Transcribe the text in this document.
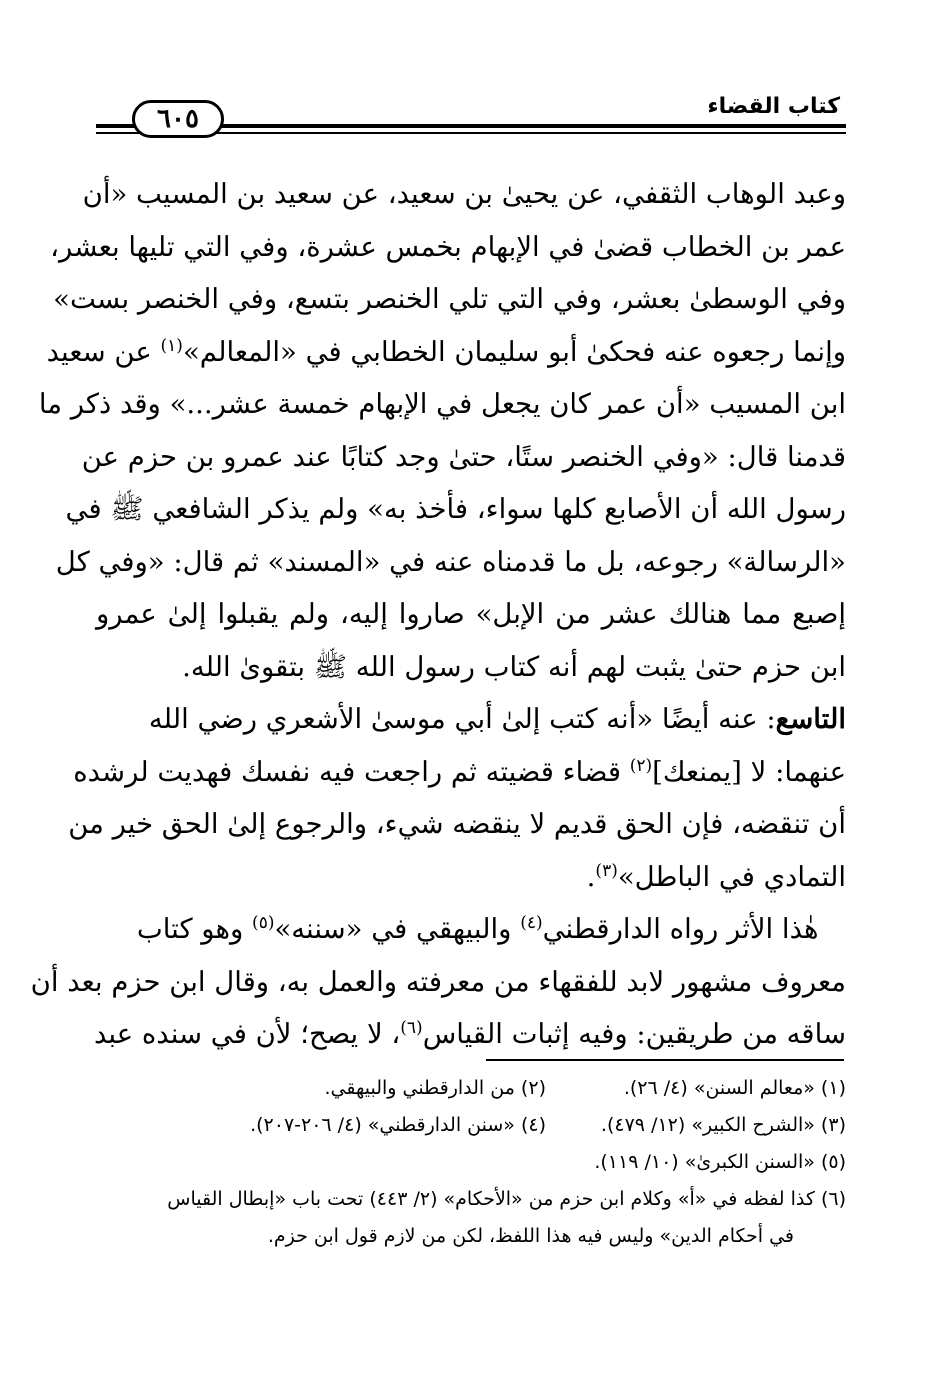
٦٠٥	كتاب القضاء
وعبد الوهاب الثقفي، عن يحيىٰ بن سعيد، عن سعيد بن المسيب «أن
عمر بن الخطاب قضىٰ في الإبهام بخمس عشرة، وفي التي تليها بعشر،
وفي الوسطىٰ بعشر، وفي التي تلي الخنصر بتسع، وفي الخنصر بست»
وإنما رجعوه عنه فحكىٰ أبو سليمان الخطابي في «المعالم»$^{(١)}$ عن سعيد
ابن المسيب «أن عمر كان يجعل في الإبهام خمسة عشر...» وقد ذكر ما
قدمنا قال: «وفي الخنصر ستًا، حتىٰ وجد كتابًا عند عمرو بن حزم عن
رسول الله أن الأصابع كلها سواء، فأخذ به» ولم يذكر الشافعي ﷺ في
«الرسالة» رجوعه، بل ما قدمناه عنه في «المسند» ثم قال: «وفي كل
إصبع مما هنالك عشر من الإبل» صاروا إليه، ولم يقبلوا إلىٰ عمرو
ابن حزم حتىٰ يثبت لهم أنه كتاب رسول الله ﷺ بتقوىٰ الله.
التاسع: عنه أيضًا «أنه كتب إلىٰ أبي موسىٰ الأشعري رضي الله
عنهما: لا [يمنعك]$^{(٢)}$ قضاء قضيته ثم راجعت فيه نفسك فهديت لرشده
أن تنقضه، فإن الحق قديم لا ينقضه شيء، والرجوع إلىٰ الحق خير من
التمادي في الباطل»$^{(٣)}$.
 هٰذا الأثر رواه الدارقطني$^{(٤)}$ والبيهقي في «سننه»$^{(٥)}$ وهو كتاب
معروف مشهور لابد للفقهاء من معرفته والعمل به، وقال ابن حزم بعد أن
ساقه من طريقين: وفيه إثبات القياس$^{(٦)}$، لا يصح؛ لأن في سنده عبد
(١) «معالم السنن» (٤/ ٢٦).
(٢) من الدارقطني والبيهقي.
(٣) «الشرح الكبير» (١٢/ ٤٧٩).
(٤) «سنن الدارقطني» (٤/ ٢٠٦-٢٠٧).
(٥) «السنن الكبرىٰ» (١٠/ ١١٩).
(٦) كذا لفظه في «أ» وكلام ابن حزم من «الأحكام» (٢/ ٤٤٣) تحت باب «إبطال القياس
في أحكام الدين» وليس فيه هذا اللفظ، لكن من لازم قول ابن حزم.
